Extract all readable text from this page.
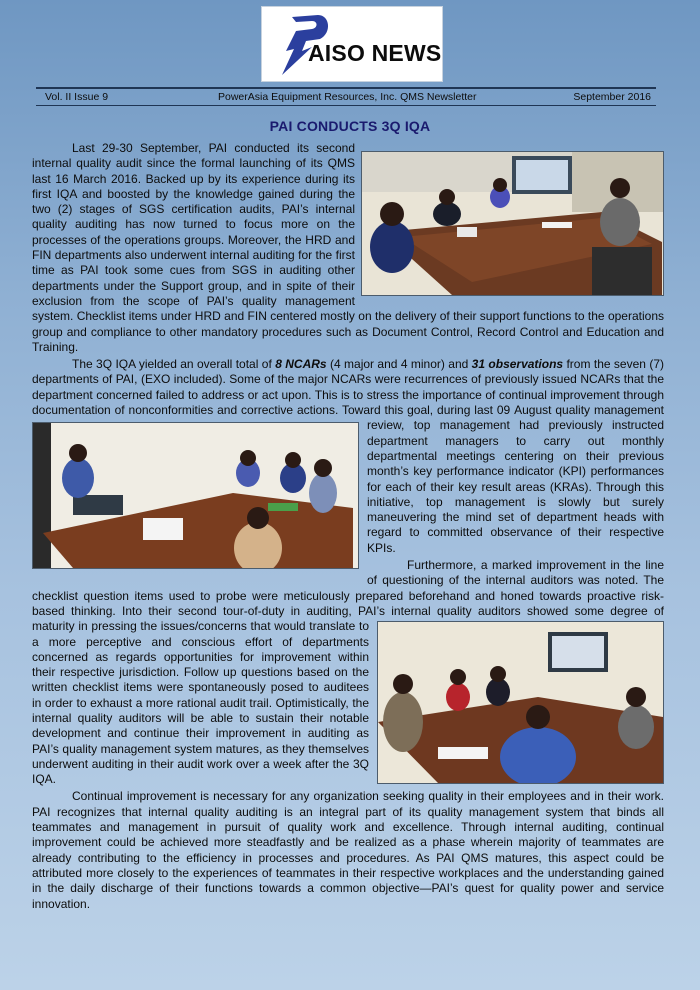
AISO NEWS
Vol. II Issue 9	PowerAsia Equipment Resources, Inc. QMS Newsletter	September 2016
PAI CONDUCTS 3Q IQA

Last 29-30 September, PAI conducted its second internal quality audit since the formal launching of its QMS last 16 March 2016. Backed up by its experience during its first IQA and boosted by the knowledge gained during the two (2) stages of SGS certification audits, PAI’s internal quality auditing has now turned to focus more on the processes of the operations groups. Moreover, the HRD and FIN departments also underwent internal auditing for the first time as PAI took some cues from SGS in auditing other departments under the Support group, and in spite of their exclusion from the scope of PAI’s quality management system. Checklist items under HRD and FIN centered mostly on the delivery of their support functions to the operations group and compliance to other mandatory procedures such as Document Control, Record Control and Education and Training.

The 3Q IQA yielded an overall total of 8 NCARs (4 major and 4 minor) and 31 observations from the seven (7) departments of PAI, (EXO included). Some of the major NCARs were recurrences of previously issued NCARs that the department concerned failed to address or act upon. This is to stress the importance of continual improvement through documentation of nonconformities and corrective actions. Toward this goal, during last 09
August quality management review, top management had previously instructed department managers to carry out monthly departmental meetings centering on their previous month’s key performance indicator (KPI) performances for each of their key result areas (KRAs). Through this initiative, top management is slowly but surely maneuvering the mind set of department heads with regard to committed observance of their respective KPIs.

Furthermore, a marked improvement in the line of questioning of the internal auditors was noted. The checklist question items used to probe were meticulously prepared beforehand and honed towards proactive risk-based thinking. Into their second tour-of-duty in auditing, PAI’s internal quality auditors showed some degree of
maturity in pressing the issues/concerns that would translate to a more perceptive and conscious effort of departments concerned as regards opportunities for improvement within their respective jurisdiction. Follow up questions based on the written checklist items were spontaneously posed to auditees in order to exhaust a more rational audit trail. Optimistically, the internal quality auditors will be able to sustain their notable development and continue their improvement in auditing as PAI’s quality management system matures, as they themselves underwent auditing in their audit work over a week after the 3Q IQA.

Continual improvement is necessary for any organization seeking quality in their employees and in their work. PAI recognizes that internal quality auditing is an integral part of its quality management system that binds all teammates and management in pursuit of quality work and excellence. Through internal auditing, continual improvement could be achieved more steadfastly and be realized as a phase wherein majority of teammates are already contributing to the efficiency in processes and procedures. As PAI QMS matures, this aspect could be attributed more closely to the experiences of teammates in their respective workplaces and the understanding gained in the daily discharge of their functions towards a common objective—PAI’s quest for quality power and service innovation.
